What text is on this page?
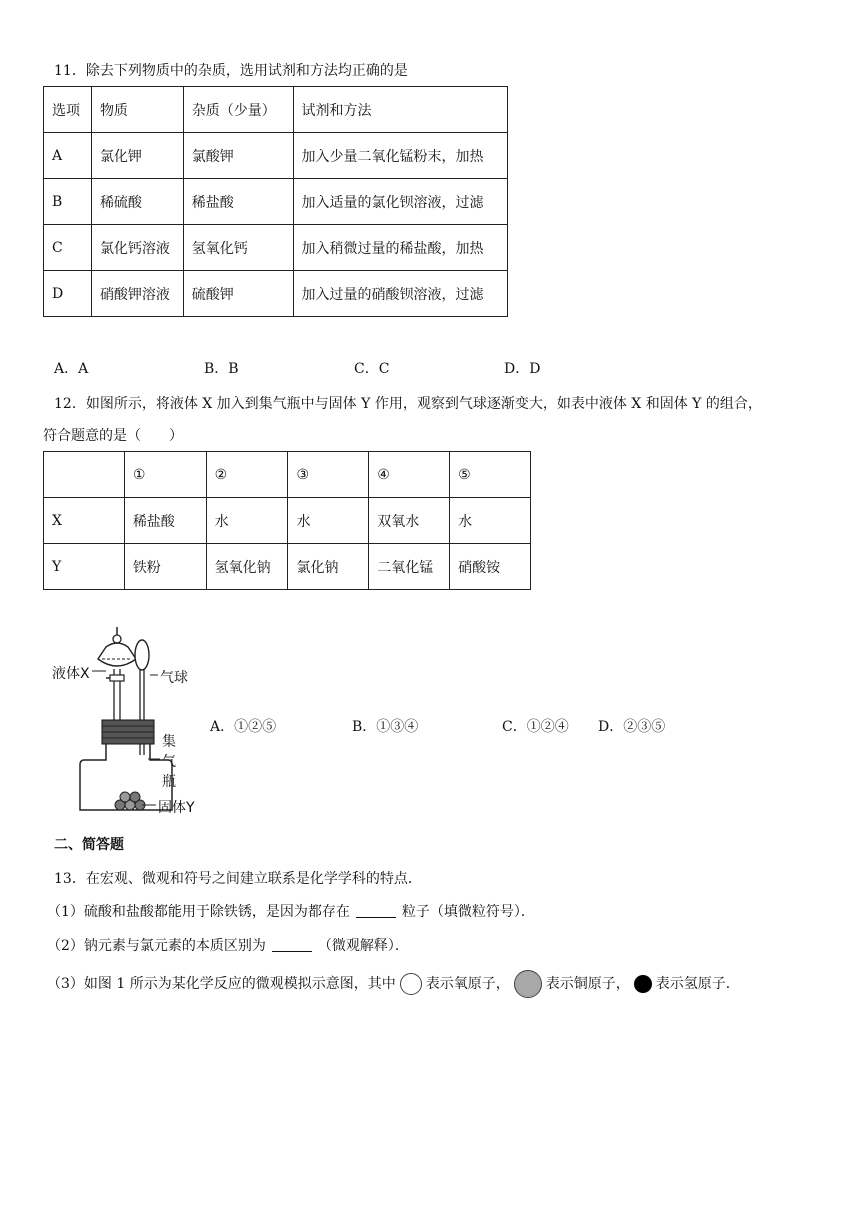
11．除去下列物质中的杂质，选用试剂和方法均正确的是
选项	物质	杂质（少量）	试剂和方法
A	氯化钾	氯酸钾	加入少量二氧化锰粉末，加热
B	稀硫酸	稀盐酸	加入适量的氯化钡溶液，过滤
C	氯化钙溶液	氢氧化钙	加入稍微过量的稀盐酸，加热
D	硝酸钾溶液	硫酸钾	加入过量的硝酸钡溶液，过滤
A．A	B．B	C．C	D．D
12．如图所示，将液体 X 加入到集气瓶中与固体 Y 作用，观察到气球逐渐变大，如表中液体 X 和固体 Y 的组合，
符合题意的是（　　）
	①	②	③	④	⑤
X	稀盐酸	水	水	双氧水	水
Y	铁粉	氢氧化钠	氯化钠	二氧化锰	硝酸铵
液体X	气球
集
气
瓶
固体Y
A．①②⑤	B．①③④	C．①②④ D．②③⑤
二、简答题
13．在宏观、微观和符号之间建立联系是化学学科的特点．
（1）硫酸和盐酸都能用于除铁锈，是因为都存在	粒子（填微粒符号）．
（2）钠元素与氯元素的本质区别为	（微观解释）．
（3）如图 1 所示为某化学反应的微观模拟示意图，其中 表示氧原子，	表示铜原子， 表示氢原子．
